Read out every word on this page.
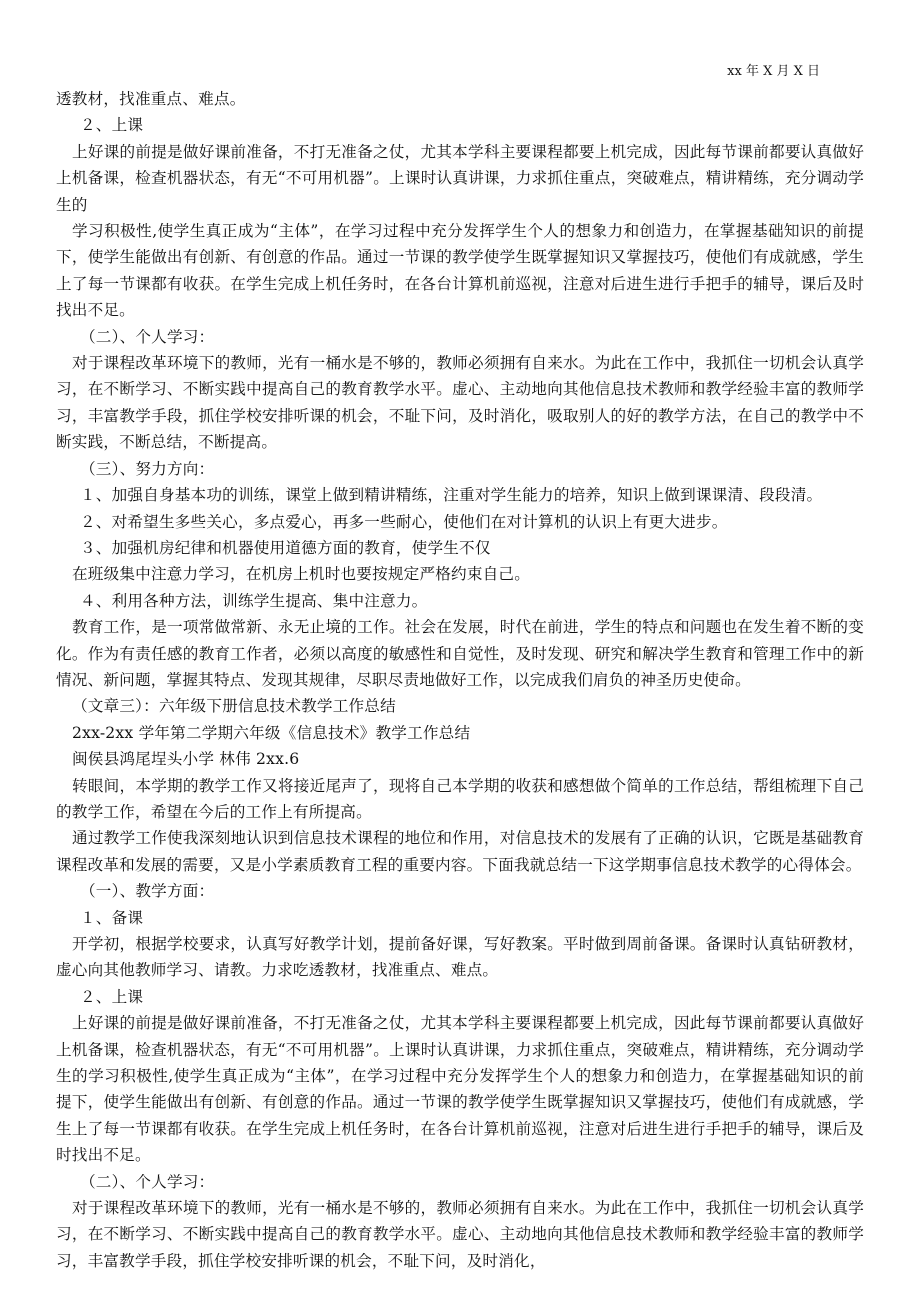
xx 年 X 月 X 日

透教材，找准重点、难点。

２、上课

上好课的前提是做好课前准备，不打无准备之仗，尤其本学科主要课程都要上机完成，因此每节课前都要认真做好上机备课，检查机器状态，有无“不可用机器”。上课时认真讲课，力求抓住重点，突破难点，精讲精练，充分调动学生的

学习积极性,使学生真正成为“主体”，在学习过程中充分发挥学生个人的想象力和创造力，在掌握基础知识的前提下，使学生能做出有创新、有创意的作品。通过一节课的教学使学生既掌握知识又掌握技巧，使他们有成就感，学生上了每一节课都有收获。在学生完成上机任务时，在各台计算机前巡视，注意对后进生进行手把手的辅导，课后及时找出不足。

（二）、个人学习：

对于课程改革环境下的教师，光有一桶水是不够的，教师必须拥有自来水。为此在工作中，我抓住一切机会认真学习，在不断学习、不断实践中提高自己的教育教学水平。虚心、主动地向其他信息技术教师和教学经验丰富的教师学习，丰富教学手段，抓住学校安排听课的机会，不耻下问，及时消化，吸取别人的好的教学方法，在自己的教学中不断实践，不断总结，不断提高。

（三）、努力方向：

１、加强自身基本功的训练，课堂上做到精讲精练，注重对学生能力的培养，知识上做到课课清、段段清。

２、对希望生多些关心，多点爱心，再多一些耐心，使他们在对计算机的认识上有更大进步。

３、加强机房纪律和机器使用道德方面的教育，使学生不仅

在班级集中注意力学习，在机房上机时也要按规定严格约束自己。

４、利用各种方法，训练学生提高、集中注意力。

教育工作，是一项常做常新、永无止境的工作。社会在发展，时代在前进，学生的特点和问题也在发生着不断的变化。作为有责任感的教育工作者，必须以高度的敏感性和自觉性，及时发现、研究和解决学生教育和管理工作中的新情况、新问题，掌握其特点、发现其规律，尽职尽责地做好工作，以完成我们肩负的神圣历史使命。

（文章三）：六年级下册信息技术教学工作总结

2xx-2xx 学年第二学期六年级《信息技术》教学工作总结

闽侯县鸿尾埕头小学 林伟 2xx.6

转眼间，本学期的教学工作又将接近尾声了，现将自己本学期的收获和感想做个简单的工作总结，帮组梳理下自己的教学工作，希望在今后的工作上有所提高。

通过教学工作使我深刻地认识到信息技术课程的地位和作用，对信息技术的发展有了正确的认识，它既是基础教育课程改革和发展的需要，又是小学素质教育工程的重要内容。下面我就总结一下这学期事信息技术教学的心得体会。

（一）、教学方面：

１、备课

开学初，根据学校要求，认真写好教学计划，提前备好课，写好教案。平时做到周前备课。备课时认真钻研教材，虚心向其他教师学习、请教。力求吃透教材，找准重点、难点。

２、上课

上好课的前提是做好课前准备，不打无准备之仗，尤其本学科主要课程都要上机完成，因此每节课前都要认真做好上机备课，检查机器状态，有无“不可用机器”。上课时认真讲课，力求抓住重点，突破难点，精讲精练，充分调动学生的学习积极性,使学生真正成为“主体”，在学习过程中充分发挥学生个人的想象力和创造力，在掌握基础知识的前提下，使学生能做出有创新、有创意的作品。通过一节课的教学使学生既掌握知识又掌握技巧，使他们有成就感，学生上了每一节课都有收获。在学生完成上机任务时，在各台计算机前巡视，注意对后进生进行手把手的辅导，课后及时找出不足。

（二）、个人学习：

对于课程改革环境下的教师，光有一桶水是不够的，教师必须拥有自来水。为此在工作中，我抓住一切机会认真学习，在不断学习、不断实践中提高自己的教育教学水平。虚心、主动地向其他信息技术教师和教学经验丰富的教师学习，丰富教学手段，抓住学校安排听课的机会，不耻下问，及时消化，
